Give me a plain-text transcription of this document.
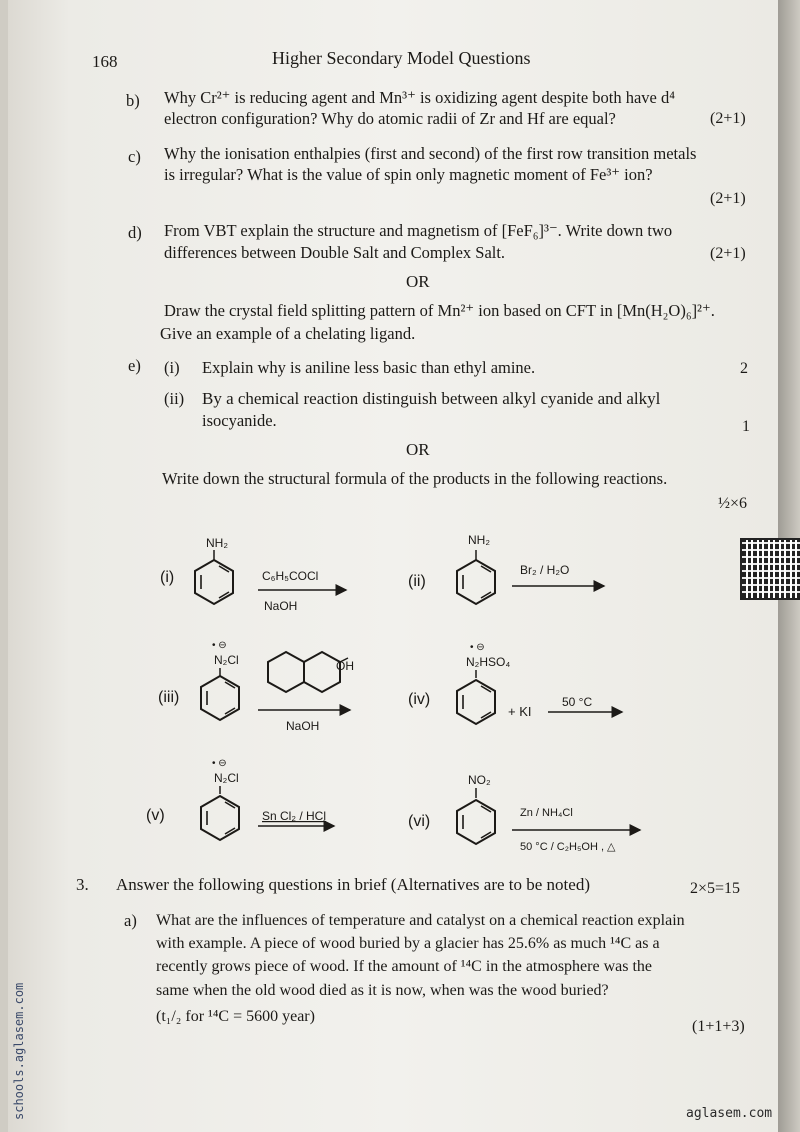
168	Higher Secondary Model Questions
b) Why Cr²⁺ is reducing agent and Mn³⁺ is oxidizing agent despite both have d⁴
electron configuration? Why do atomic radii of Zr and Hf are equal?	(2+1)
c) Why the ionisation enthalpies (first and second) of the first row transition metals
is irregular? What is the value of spin only magnetic moment of Fe³⁺ ion?
(2+1)
d) From VBT explain the structure and magnetism of [FeF₆]³⁻. Write down two
differences between Double Salt and Complex Salt.	(2+1)
OR
Draw the crystal field splitting pattern of Mn²⁺ ion based on CFT in [Mn(H₂O)₆]²⁺.
Give an example of a chelating ligand.
e) (i) Explain why is aniline less basic than ethyl amine.	2
(ii) By a chemical reaction distinguish between alkyl cyanide and alkyl
isocyanide.	1
OR
Write down the structural formula of the products in the following reactions.
½×6
(i)
NH₂
C₆H₅COCl
NaOH
(ii)
NH₂
Br₂ / H₂O
(iii)
• ⊖
N₂Cl	OH
NaOH
(iv)
• ⊖
N₂HSO₄
+ KI
50 °C
(v)
• ⊖
N₂Cl
Sn Cl₂ / HCl	(vi)
NO₂
Zn / NH₄Cl
50 °C / C₂H₅OH , △
3. Answer the following questions in brief (Alternatives are to be noted)	2×5=15
a) What are the influences of temperature and catalyst on a chemical reaction explain
with example. A piece of wood buried by a glacier has 25.6% as much ¹⁴C as a
recently grows piece of wood. If the amount of ¹⁴C in the atmosphere was the
same when the old wood died as it is now, when was the wood buried?
(t₁/₂ for ¹⁴C = 5600 year)
(1+1+3)
schools.aglasem.com	aglasem.com
